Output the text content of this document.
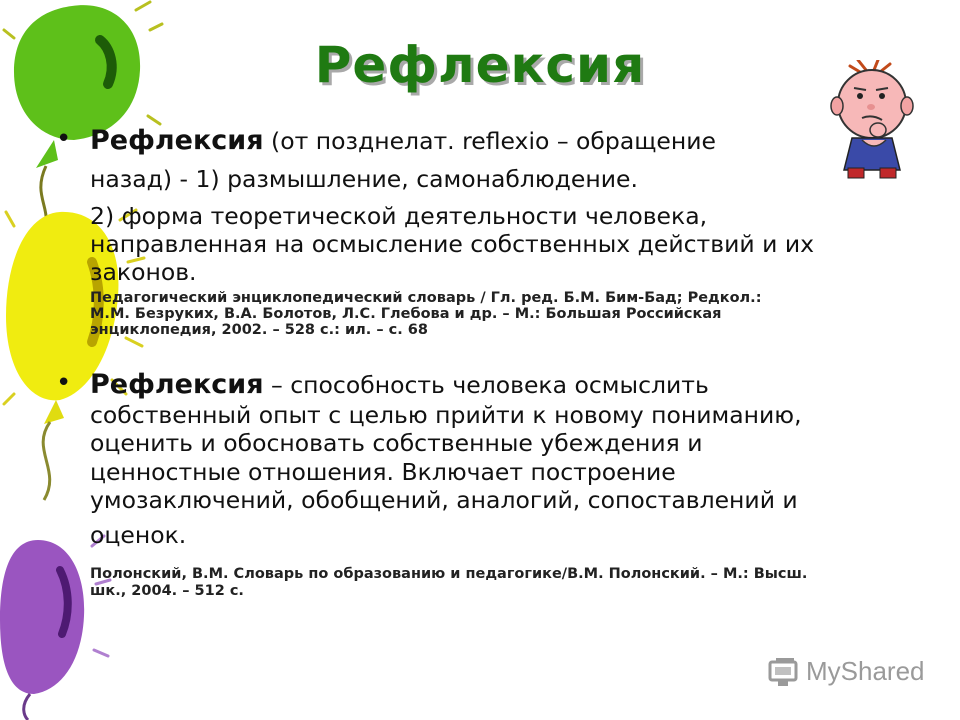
Рефлексия
• Рефлексия (от позднелат. reflexio – обращение

назад) - 1) размышление, самонаблюдение.

2) форма теоретической деятельности человека,

направленная на осмысление собственных действий и их

законов.

Педагогический энциклопедический словарь / Гл. ред. Б.М. Бим-Бад; Редкол.:
М.М. Безруких, В.А. Болотов, Л.С. Глебова и др. – М.: Большая Российская
энциклопедия, 2002. – 528 с.: ил. – с. 68
• Рефлексия – способность человека осмыслить

собственный опыт с целью прийти к новому пониманию,

оценить и обосновать собственные убеждения и

ценностные отношения. Включает построение

умозаключений, обобщений, аналогий, сопоставлений и

оценок.

Полонский, В.М. Словарь по образованию и педагогике/В.М. Полонский. – М.: Высш.
шк., 2004. – 512 с.
MyShared
